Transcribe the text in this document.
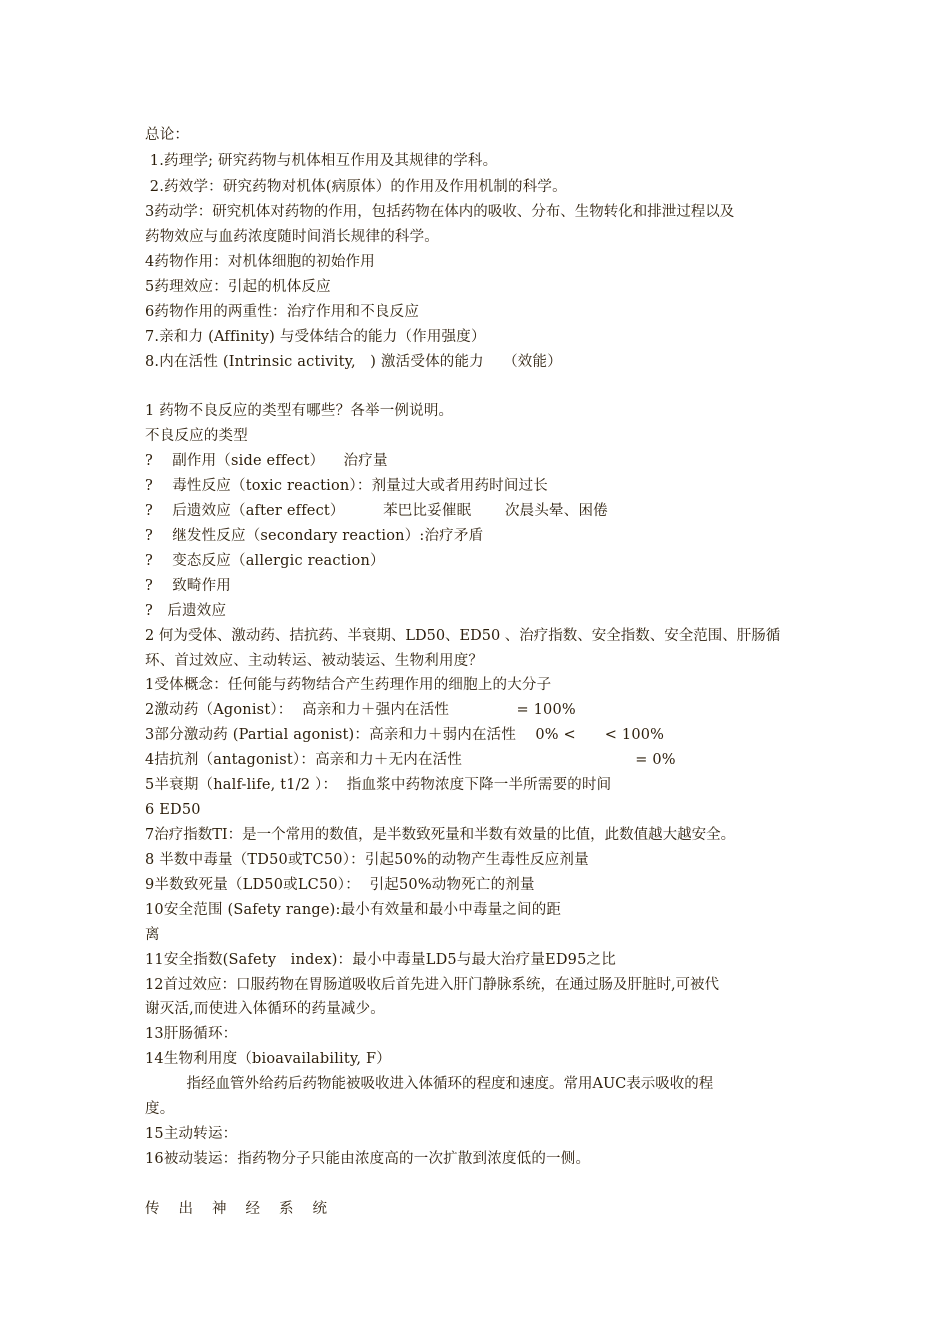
总论：
1.药理学; 研究药物与机体相互作用及其规律的学科。
2.药效学：研究药物对机体(病原体）的作用及作用机制的科学。
3药动学：研究机体对药物的作用，包括药物在体内的吸收、分布、生物转化和排泄过程以及
药物效应与血药浓度随时间消长规律的科学。
4药物作用：对机体细胞的初始作用
5药理效应：引起的机体反应
6药物作用的两重性：治疗作用和不良反应
7.亲和力 (Affinity) 与受体结合的能力（作用强度）
8.内在活性 (Intrinsic activity,   ) 激活受体的能力    （效能）
1 药物不良反应的类型有哪些？各举一例说明。
不良反应的类型
?    副作用（side effect）    治疗量
?    毒性反应（toxic reaction）：剂量过大或者用药时间过长
?    后遗效应（after effect）        苯巴比妥催眠       次晨头晕、困倦
?    继发性反应（secondary reaction）:治疗矛盾
?    变态反应（allergic reaction）
?    致畸作用
?   后遗效应
2 何为受体、激动药、拮抗药、半衰期、LD50、ED50 、治疗指数、安全指数、安全范围、肝肠循
环、首过效应、主动转运、被动装运、生物利用度？
1受体概念：任何能与药物结合产生药理作用的细胞上的大分子
2激动药（Agonist）：  高亲和力＋强内在活性              = 100%
3部分激动药 (Partial agonist)：高亲和力＋弱内在活性    0% <      < 100%
4拮抗剂（antagonist）：高亲和力＋无内在活性                                    = 0%
5半衰期（half-life, t1/2 ）：  指血浆中药物浓度下降一半所需要的时间
6 ED50
7治疗指数TI：是一个常用的数值，是半数致死量和半数有效量的比值，此数值越大越安全。
8 半数中毒量（TD50或TC50）：引起50%的动物产生毒性反应剂量
9半数致死量（LD50或LC50）：  引起50%动物死亡的剂量
10安全范围 (Safety range):最小有效量和最小中毒量之间的距
离
11安全指数(Safety   index)：最小中毒量LD5与最大治疗量ED95之比
12首过效应：口服药物在胃肠道吸收后首先进入肝门静脉系统，在通过肠及肝脏时,可被代
谢灭活,而使进入体循环的药量减少。
13肝肠循环：
14生物利用度（bioavailability, F）
指经血管外给药后药物能被吸收进入体循环的程度和速度。常用AUC表示吸收的程
度。
15主动转运：
16被动装运：指药物分子只能由浓度高的一次扩散到浓度低的一侧。
传出神经系统
